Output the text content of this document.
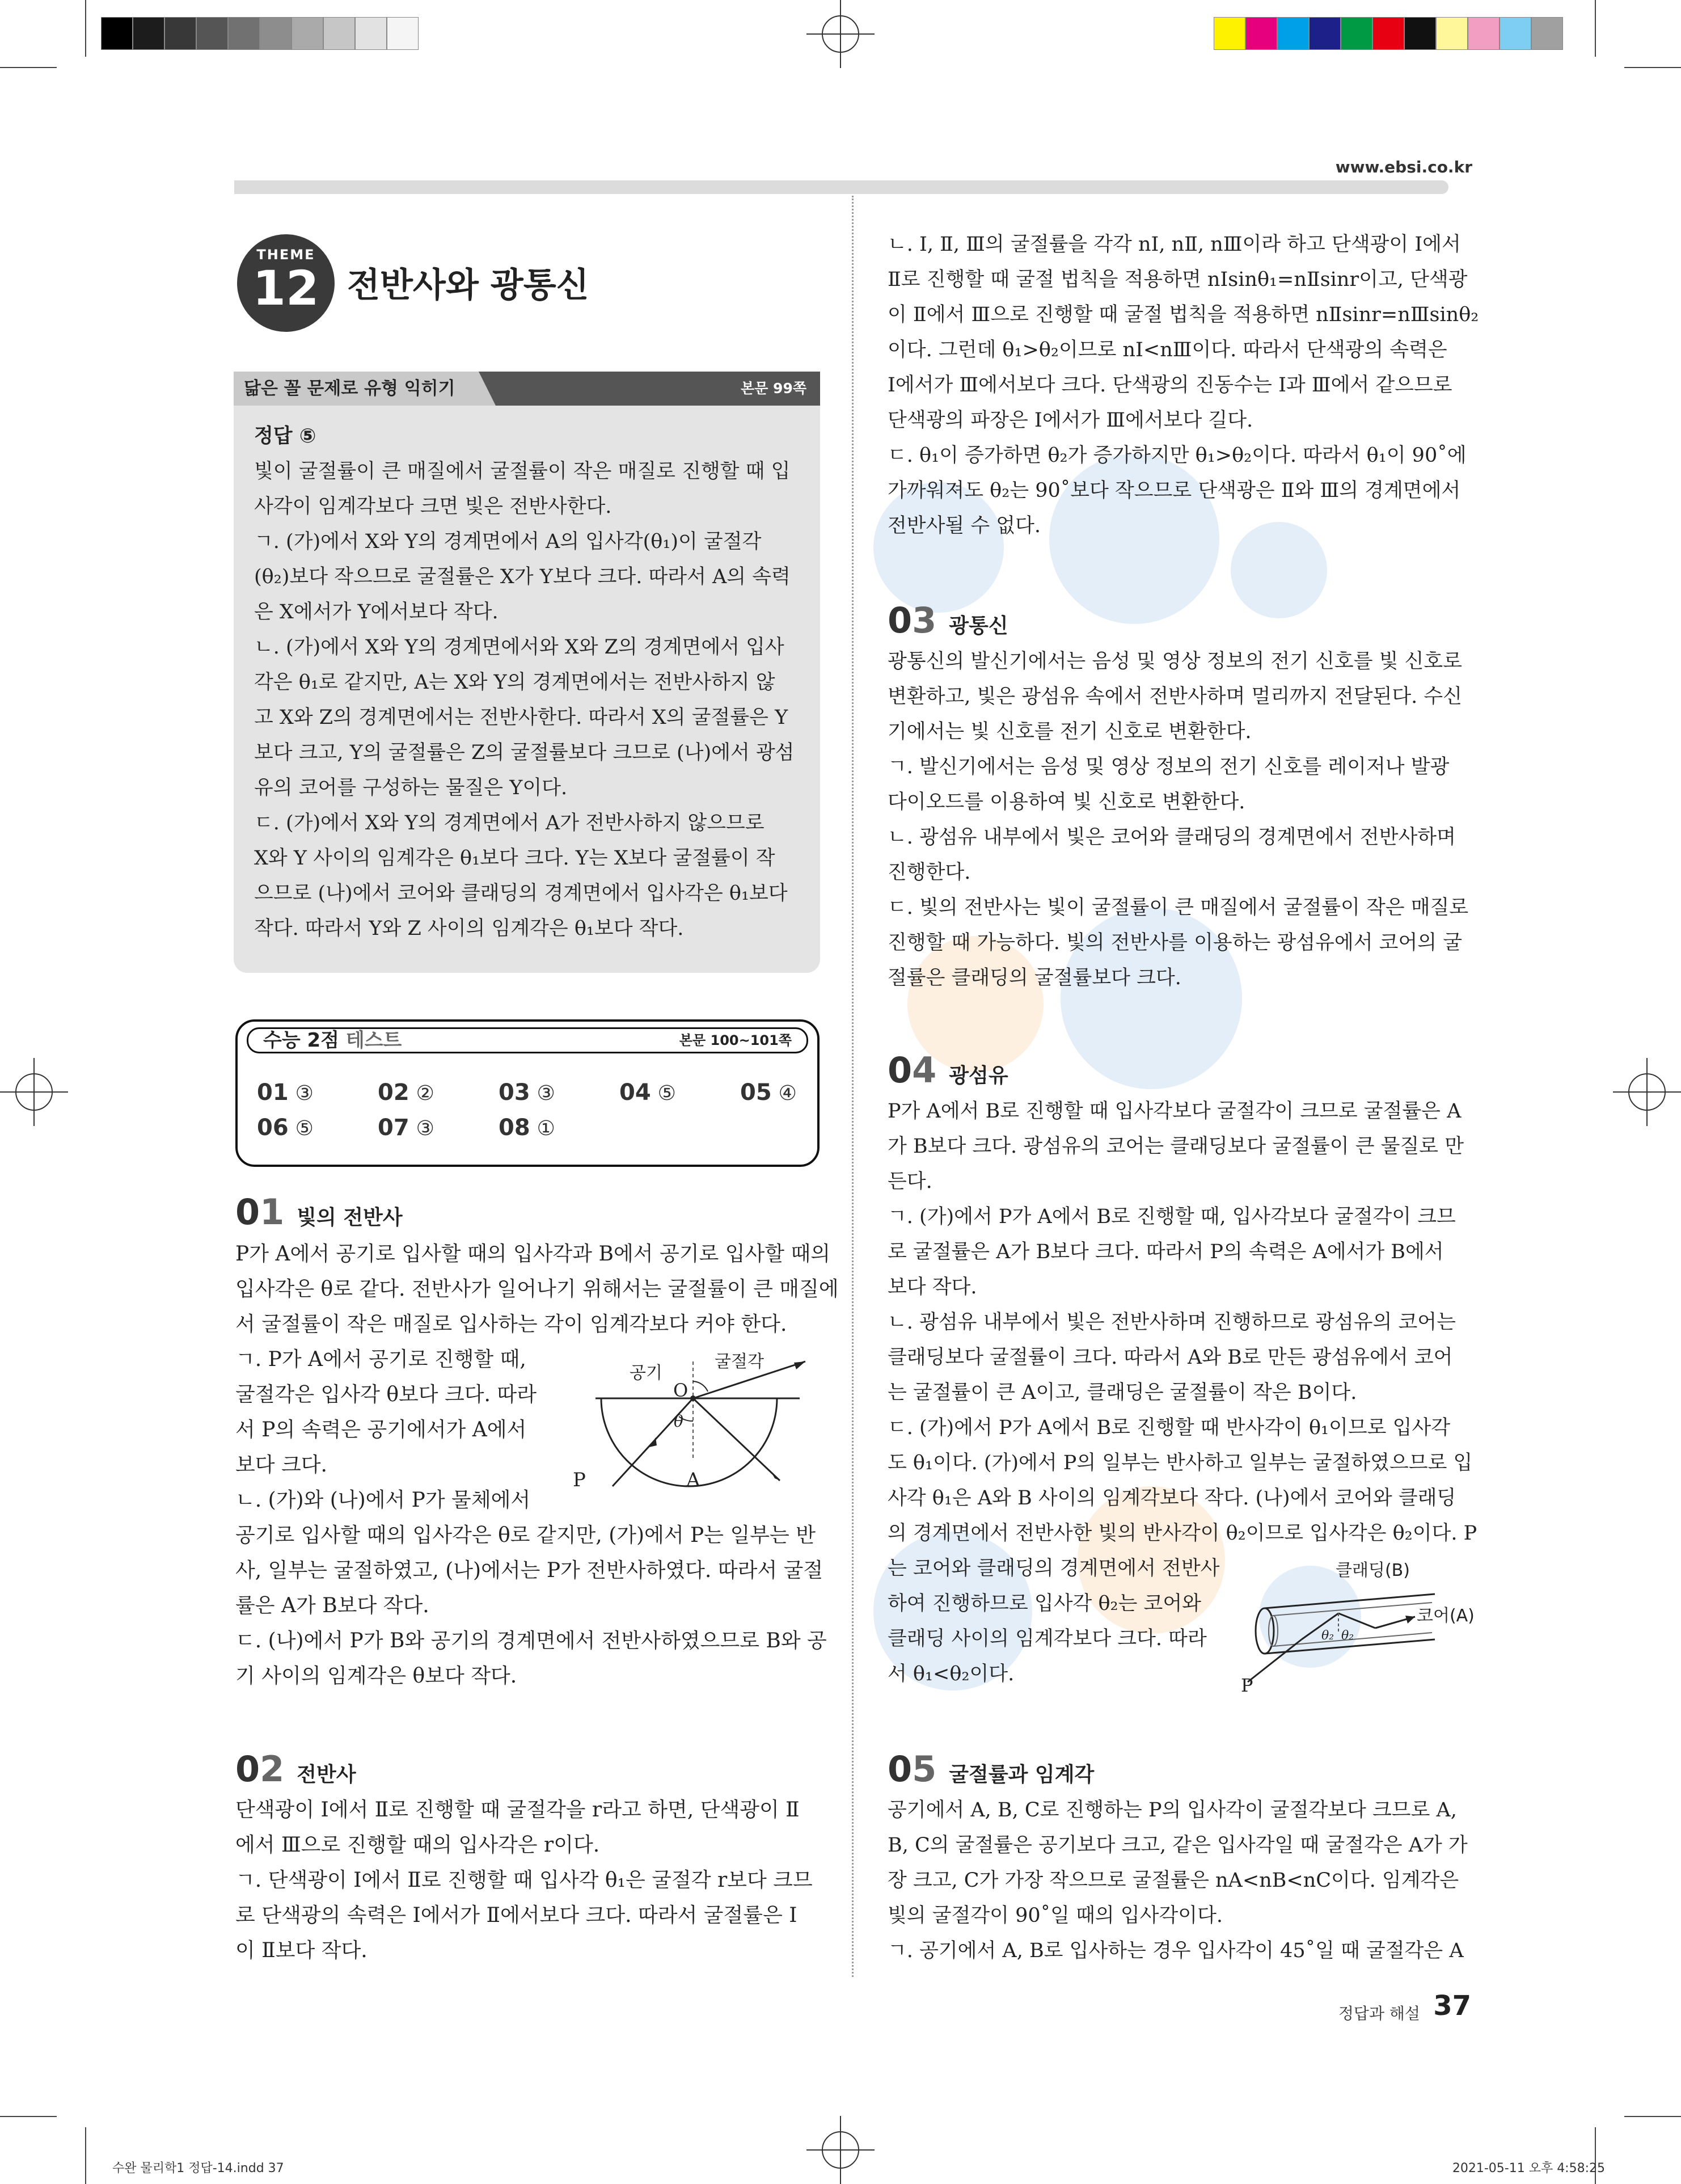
www.ebsi.co.kr
THEME
12 전반사와 광통신
닮은 꼴 문제로 유형 익히기	본문 99쪽
정답 ⑤
빛이 굴절률이 큰 매질에서 굴절률이 작은 매질로 진행할 때 입
사각이 임계각보다 크면 빛은 전반사한다.
ㄱ. (가)에서 X와 Y의 경계면에서 A의 입사각(θ₁)이 굴절각
(θ₂)보다 작으므로 굴절률은 X가 Y보다 크다. 따라서 A의 속력
은 X에서가 Y에서보다 작다.
ㄴ. (가)에서 X와 Y의 경계면에서와 X와 Z의 경계면에서 입사
각은 θ₁로 같지만, A는 X와 Y의 경계면에서는 전반사하지 않
고 X와 Z의 경계면에서는 전반사한다. 따라서 X의 굴절률은 Y
보다 크고, Y의 굴절률은 Z의 굴절률보다 크므로 (나)에서 광섬
유의 코어를 구성하는 물질은 Y이다.
ㄷ. (가)에서 X와 Y의 경계면에서 A가 전반사하지 않으므로
X와 Y 사이의 임계각은 θ₁보다 크다. Y는 X보다 굴절률이 작
으므로 (나)에서 코어와 클래딩의 경계면에서 입사각은 θ₁보다
작다. 따라서 Y와 Z 사이의 임계각은 θ₁보다 작다.
수능 2점 테스트	본문 100~101쪽
01 ③	02 ②	03 ③	04 ⑤	05 ④
06 ⑤	07 ③	08 ①
01 빛의 전반사
P가 A에서 공기로 입사할 때의 입사각과 B에서 공기로 입사할 때의
입사각은 θ로 같다. 전반사가 일어나기 위해서는 굴절률이 큰 매질에
서 굴절률이 작은 매질로 입사하는 각이 임계각보다 커야 한다.
ㄱ. P가 A에서 공기로 진행할 때,
굴절각은 입사각 θ보다 크다. 따라
서 P의 속력은 공기에서가 A에서
보다 크다.
ㄴ. (가)와 (나)에서 P가 물체에서
공기로 입사할 때의 입사각은 θ로 같지만, (가)에서 P는 일부는 반
사, 일부는 굴절하였고, (나)에서는 P가 전반사하였다. 따라서 굴절
률은 A가 B보다 작다.
ㄷ. (나)에서 P가 B와 공기의 경계면에서 전반사하였으므로 B와 공
기 사이의 임계각은 θ보다 작다.
공기
굴절각
O
θ
P	A
02 전반사
단색광이 Ⅰ에서 Ⅱ로 진행할 때 굴절각을 r라고 하면, 단색광이 Ⅱ
에서 Ⅲ으로 진행할 때의 입사각은 r이다.
ㄱ. 단색광이 Ⅰ에서 Ⅱ로 진행할 때 입사각 θ₁은 굴절각 r보다 크므
로 단색광의 속력은 Ⅰ에서가 Ⅱ에서보다 크다. 따라서 굴절률은 Ⅰ
이 Ⅱ보다 작다.
ㄴ. Ⅰ, Ⅱ, Ⅲ의 굴절률을 각각 nⅠ, nⅡ, nⅢ이라 하고 단색광이 Ⅰ에서
Ⅱ로 진행할 때 굴절 법칙을 적용하면 nⅠsinθ₁=nⅡsinr이고, 단색광
이 Ⅱ에서 Ⅲ으로 진행할 때 굴절 법칙을 적용하면 nⅡsinr=nⅢsinθ₂
이다. 그런데 θ₁>θ₂이므로 nⅠ<nⅢ이다. 따라서 단색광의 속력은
Ⅰ에서가 Ⅲ에서보다 크다. 단색광의 진동수는 Ⅰ과 Ⅲ에서 같으므로
단색광의 파장은 Ⅰ에서가 Ⅲ에서보다 길다.
ㄷ. θ₁이 증가하면 θ₂가 증가하지만 θ₁>θ₂이다. 따라서 θ₁이 90˚에
가까워져도 θ₂는 90˚보다 작으므로 단색광은 Ⅱ와 Ⅲ의 경계면에서
전반사될 수 없다.
03 광통신
광통신의 발신기에서는 음성 및 영상 정보의 전기 신호를 빛 신호로
변환하고, 빛은 광섬유 속에서 전반사하며 멀리까지 전달된다. 수신
기에서는 빛 신호를 전기 신호로 변환한다.
ㄱ. 발신기에서는 음성 및 영상 정보의 전기 신호를 레이저나 발광
다이오드를 이용하여 빛 신호로 변환한다.
ㄴ. 광섬유 내부에서 빛은 코어와 클래딩의 경계면에서 전반사하며
진행한다.
ㄷ. 빛의 전반사는 빛이 굴절률이 큰 매질에서 굴절률이 작은 매질로
진행할 때 가능하다. 빛의 전반사를 이용하는 광섬유에서 코어의 굴
절률은 클래딩의 굴절률보다 크다.
04 광섬유
P가 A에서 B로 진행할 때 입사각보다 굴절각이 크므로 굴절률은 A
가 B보다 크다. 광섬유의 코어는 클래딩보다 굴절률이 큰 물질로 만
든다.
ㄱ. (가)에서 P가 A에서 B로 진행할 때, 입사각보다 굴절각이 크므
로 굴절률은 A가 B보다 크다. 따라서 P의 속력은 A에서가 B에서
보다 작다.
ㄴ. 광섬유 내부에서 빛은 전반사하며 진행하므로 광섬유의 코어는
클래딩보다 굴절률이 크다. 따라서 A와 B로 만든 광섬유에서 코어
는 굴절률이 큰 A이고, 클래딩은 굴절률이 작은 B이다.
ㄷ. (가)에서 P가 A에서 B로 진행할 때 반사각이 θ₁이므로 입사각
도 θ₁이다. (가)에서 P의 일부는 반사하고 일부는 굴절하였으므로 입
사각 θ₁은 A와 B 사이의 임계각보다 작다. (나)에서 코어와 클래딩
의 경계면에서 전반사한 빛의 반사각이 θ₂이므로 입사각은 θ₂이다. P
는 코어와 클래딩의 경계면에서 전반사
하여 진행하므로 입사각 θ₂는 코어와
클래딩 사이의 임계각보다 크다. 따라
서 θ₁<θ₂이다.
클래딩(B)
θ₂ θ₂
코어(A)
P
05 굴절률과 임계각
공기에서 A, B, C로 진행하는 P의 입사각이 굴절각보다 크므로 A,
B, C의 굴절률은 공기보다 크고, 같은 입사각일 때 굴절각은 A가 가
장 크고, C가 가장 작으므로 굴절률은 nA<nB<nC이다. 임계각은
빛의 굴절각이 90˚일 때의 입사각이다.
ㄱ. 공기에서 A, B로 입사하는 경우 입사각이 45˚일 때 굴절각은 A
정답과 해설 37
수완 물리학1 정답-14.indd 37	2021-05-11 오후 4:58:25
